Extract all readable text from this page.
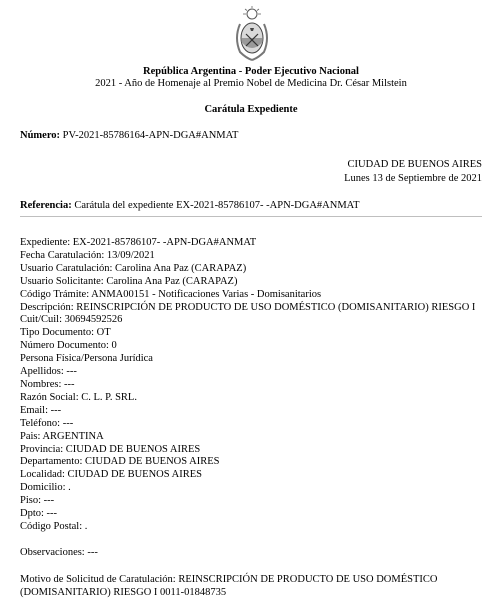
República Argentina - Poder Ejecutivo Nacional
2021 - Año de Homenaje al Premio Nobel de Medicina Dr. César Milstein
Carátula Expediente
Número: PV-2021-85786164-APN-DGA#ANMAT
CIUDAD DE BUENOS AIRES
Lunes 13 de Septiembre de 2021
Referencia: Carátula del expediente EX-2021-85786107- -APN-DGA#ANMAT
Expediente: EX-2021-85786107- -APN-DGA#ANMAT
Fecha Caratulación: 13/09/2021
Usuario Caratulación: Carolina Ana Paz (CARAPAZ)
Usuario Solicitante: Carolina Ana Paz (CARAPAZ)
Código Trámite: ANMA00151 - Notificaciones Varias - Domisanitarios
Descripción: REINSCRIPCIÓN DE PRODUCTO DE USO DOMÉSTICO (DOMISANITARIO) RIESGO I
Cuit/Cuil: 30694592526
Tipo Documento: OT
Número Documento: 0
Persona Física/Persona Jurídica
Apellidos: ---
Nombres: ---
Razón Social: C. L. P. SRL.
Email: ---
Teléfono: ---
Pais: ARGENTINA
Provincia: CIUDAD DE BUENOS AIRES
Departamento: CIUDAD DE BUENOS AIRES
Localidad: CIUDAD DE BUENOS AIRES
Domicilio: .
Piso: ---
Dpto: ---
Código Postal: .
Observaciones: ---
Motivo de Solicitud de Caratulación: REINSCRIPCIÓN DE PRODUCTO DE USO DOMÉSTICO (DOMISANITARIO) RIESGO I 0011-01848735
